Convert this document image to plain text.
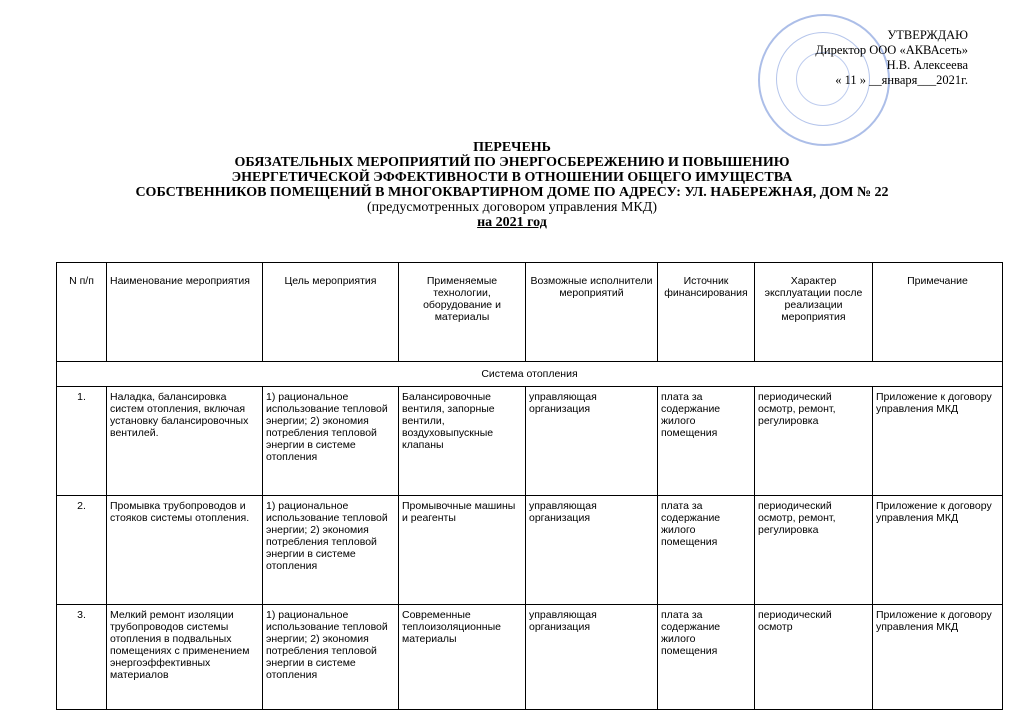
УТВЕРЖДАЮ
Директор ООО «АКВАсеть»
Н.В. Алексеева
« 11 » __января___2021г.
ПЕРЕЧЕНЬ
ОБЯЗАТЕЛЬНЫХ МЕРОПРИЯТИЙ ПО ЭНЕРГОСБЕРЕЖЕНИЮ И ПОВЫШЕНИЮ
ЭНЕРГЕТИЧЕСКОЙ ЭФФЕКТИВНОСТИ В ОТНОШЕНИИ ОБЩЕГО ИМУЩЕСТВА
СОБСТВЕННИКОВ ПОМЕЩЕНИЙ В МНОГОКВАРТИРНОМ ДОМЕ ПО АДРЕСУ: УЛ. НАБЕРЕЖНАЯ, ДОМ № 22
(предусмотренных договором управления МКД)
на 2021 год
N п/п	Наименование мероприятия	Цель мероприятия	Применяемые технологии, оборудование и материалы	Возможные исполнители мероприятий	Источник финансирования	Характер эксплуатации после реализации мероприятия	Примечание
Система отопления							
1.	Наладка, балансировка систем отопления, включая установку балансировочных вентилей.	1) рациональное использование тепловой энергии; 2) экономия потребления тепловой энергии в системе отопления	Балансировочные вентиля, запорные вентили, воздуховыпускные клапаны	управляющая организация	плата за содержание жилого помещения	периодический осмотр, ремонт, регулировка	Приложение к договору управления МКД
2.	Промывка трубопроводов и стояков системы отопления.	1) рациональное использование тепловой энергии; 2) экономия потребления тепловой энергии в системе отопления	Промывочные машины и реагенты	управляющая организация	плата за содержание жилого помещения	периодический осмотр, ремонт, регулировка	Приложение к договору управления МКД
3.	Мелкий ремонт изоляции трубопроводов системы отопления в подвальных помещениях с применением энергоэффективных материалов	1) рациональное использование тепловой энергии; 2) экономия потребления тепловой энергии в системе отопления	Современные теплоизоляционные материалы	управляющая организация	плата за содержание жилого помещения	периодический осмотр	Приложение к договору управления МКД
